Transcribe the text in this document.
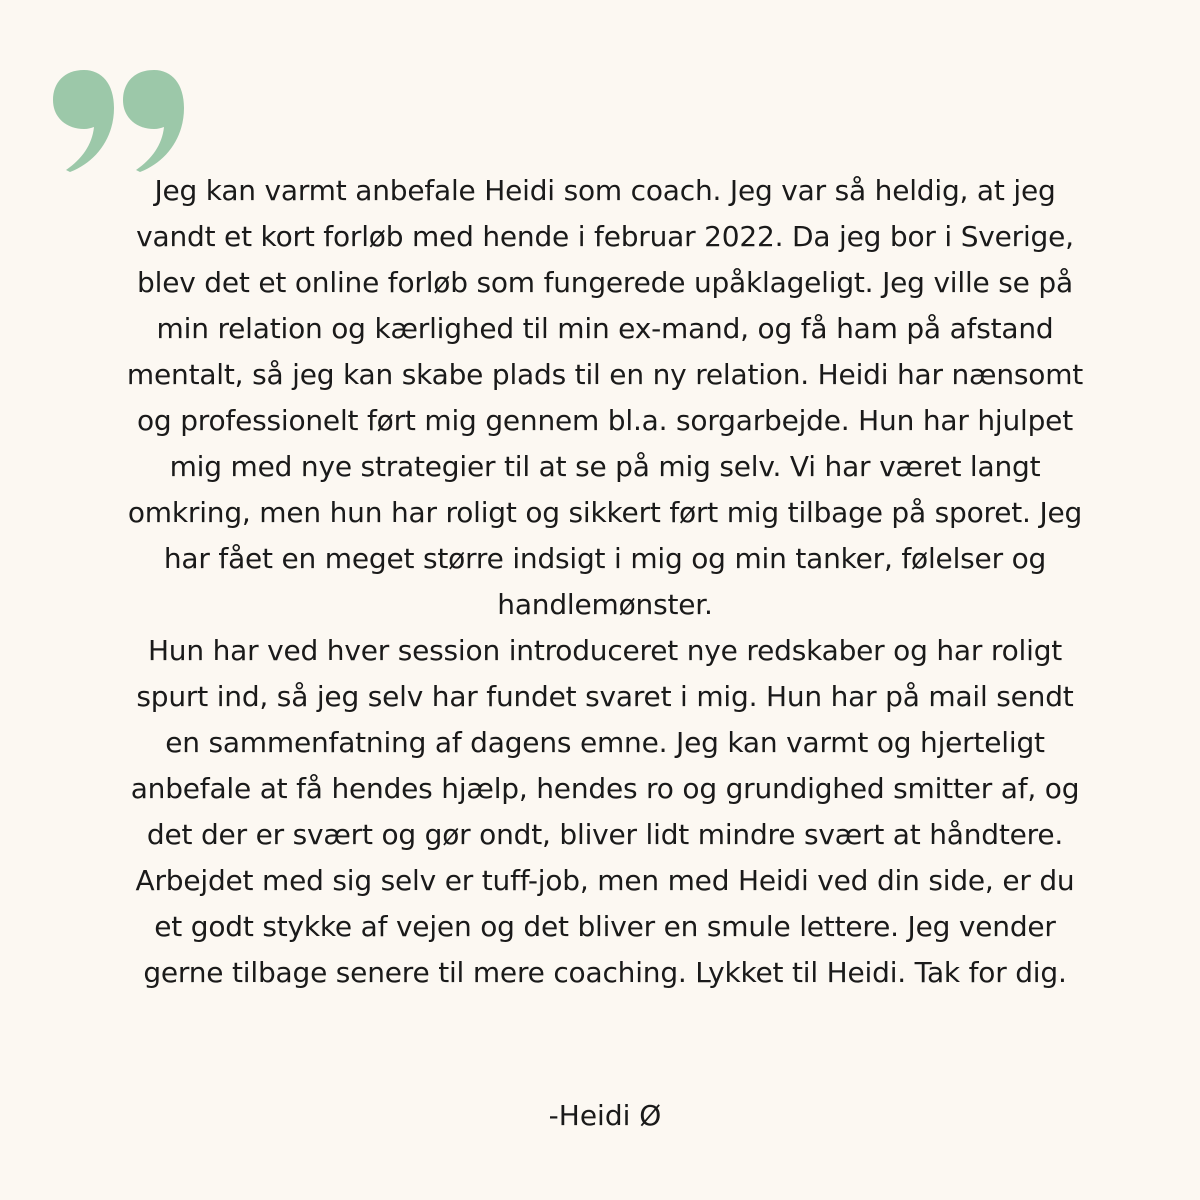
Jeg kan varmt anbefale Heidi som coach. Jeg var så heldig, at jeg vandt et kort forløb med hende i februar 2022. Da jeg bor i Sverige, blev det et online forløb som fungerede upåklageligt. Jeg ville se på min relation og kærlighed til min ex-mand, og få ham på afstand mentalt, så jeg kan skabe plads til en ny relation. Heidi har nænsomt og professionelt ført mig gennem bl.a. sorgarbejde. Hun har hjulpet mig med nye strategier til at se på mig selv. Vi har været langt omkring, men hun har roligt og sikkert ført mig tilbage på sporet. Jeg har fået en meget større indsigt i mig og min tanker, følelser og handlemønster.

Hun har ved hver session introduceret nye redskaber og har roligt spurt ind, så jeg selv har fundet svaret i mig. Hun har på mail sendt en sammenfatning af dagens emne. Jeg kan varmt og hjerteligt anbefale at få hendes hjælp, hendes ro og grundighed smitter af, og det der er svært og gør ondt, bliver lidt mindre svært at håndtere. Arbejdet med sig selv er tuff-job, men med Heidi ved din side, er du et godt stykke af vejen og det bliver en smule lettere. Jeg vender gerne tilbage senere til mere coaching. Lykket til Heidi. Tak for dig.

-Heidi Ø
